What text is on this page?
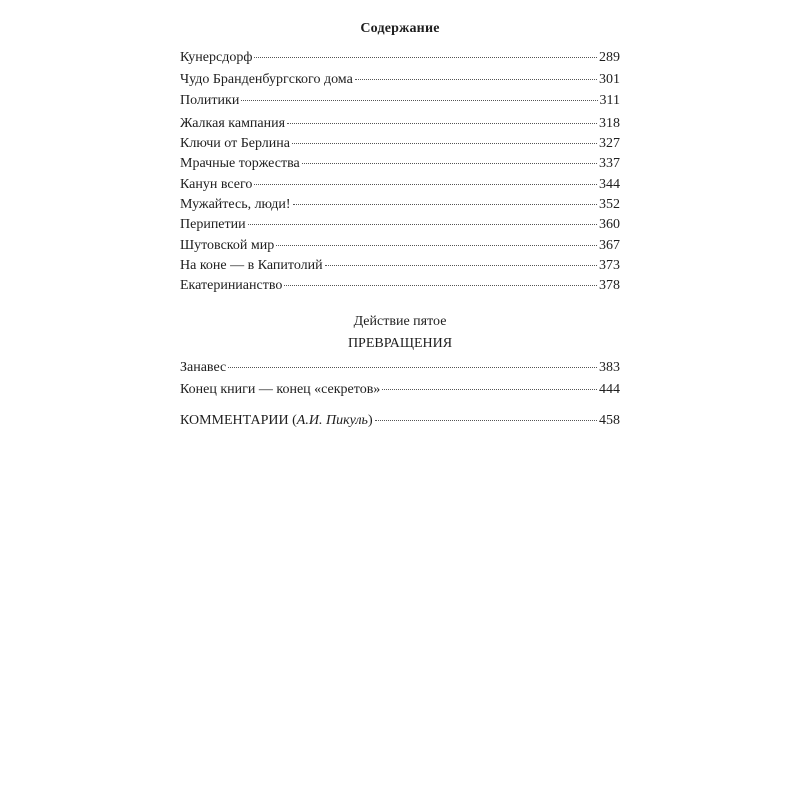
Содержание
Кунерсдорф	289
Чудо Бранденбургского дома	301
Политики	311
Жалкая кампания	318
Ключи от Берлина	327
Мрачные торжества	337
Канун всего	344
Мужайтесь, люди!	352
Перипетии	360
Шутовской мир	367
На коне — в Капитолий	373
Екатеринианство	378
Действие пятое
ПРЕВРАЩЕНИЯ
Занавес	383
Конец книги — конец «секретов»	444
КОММЕНТАРИИ (А.И. Пикуль)	458
